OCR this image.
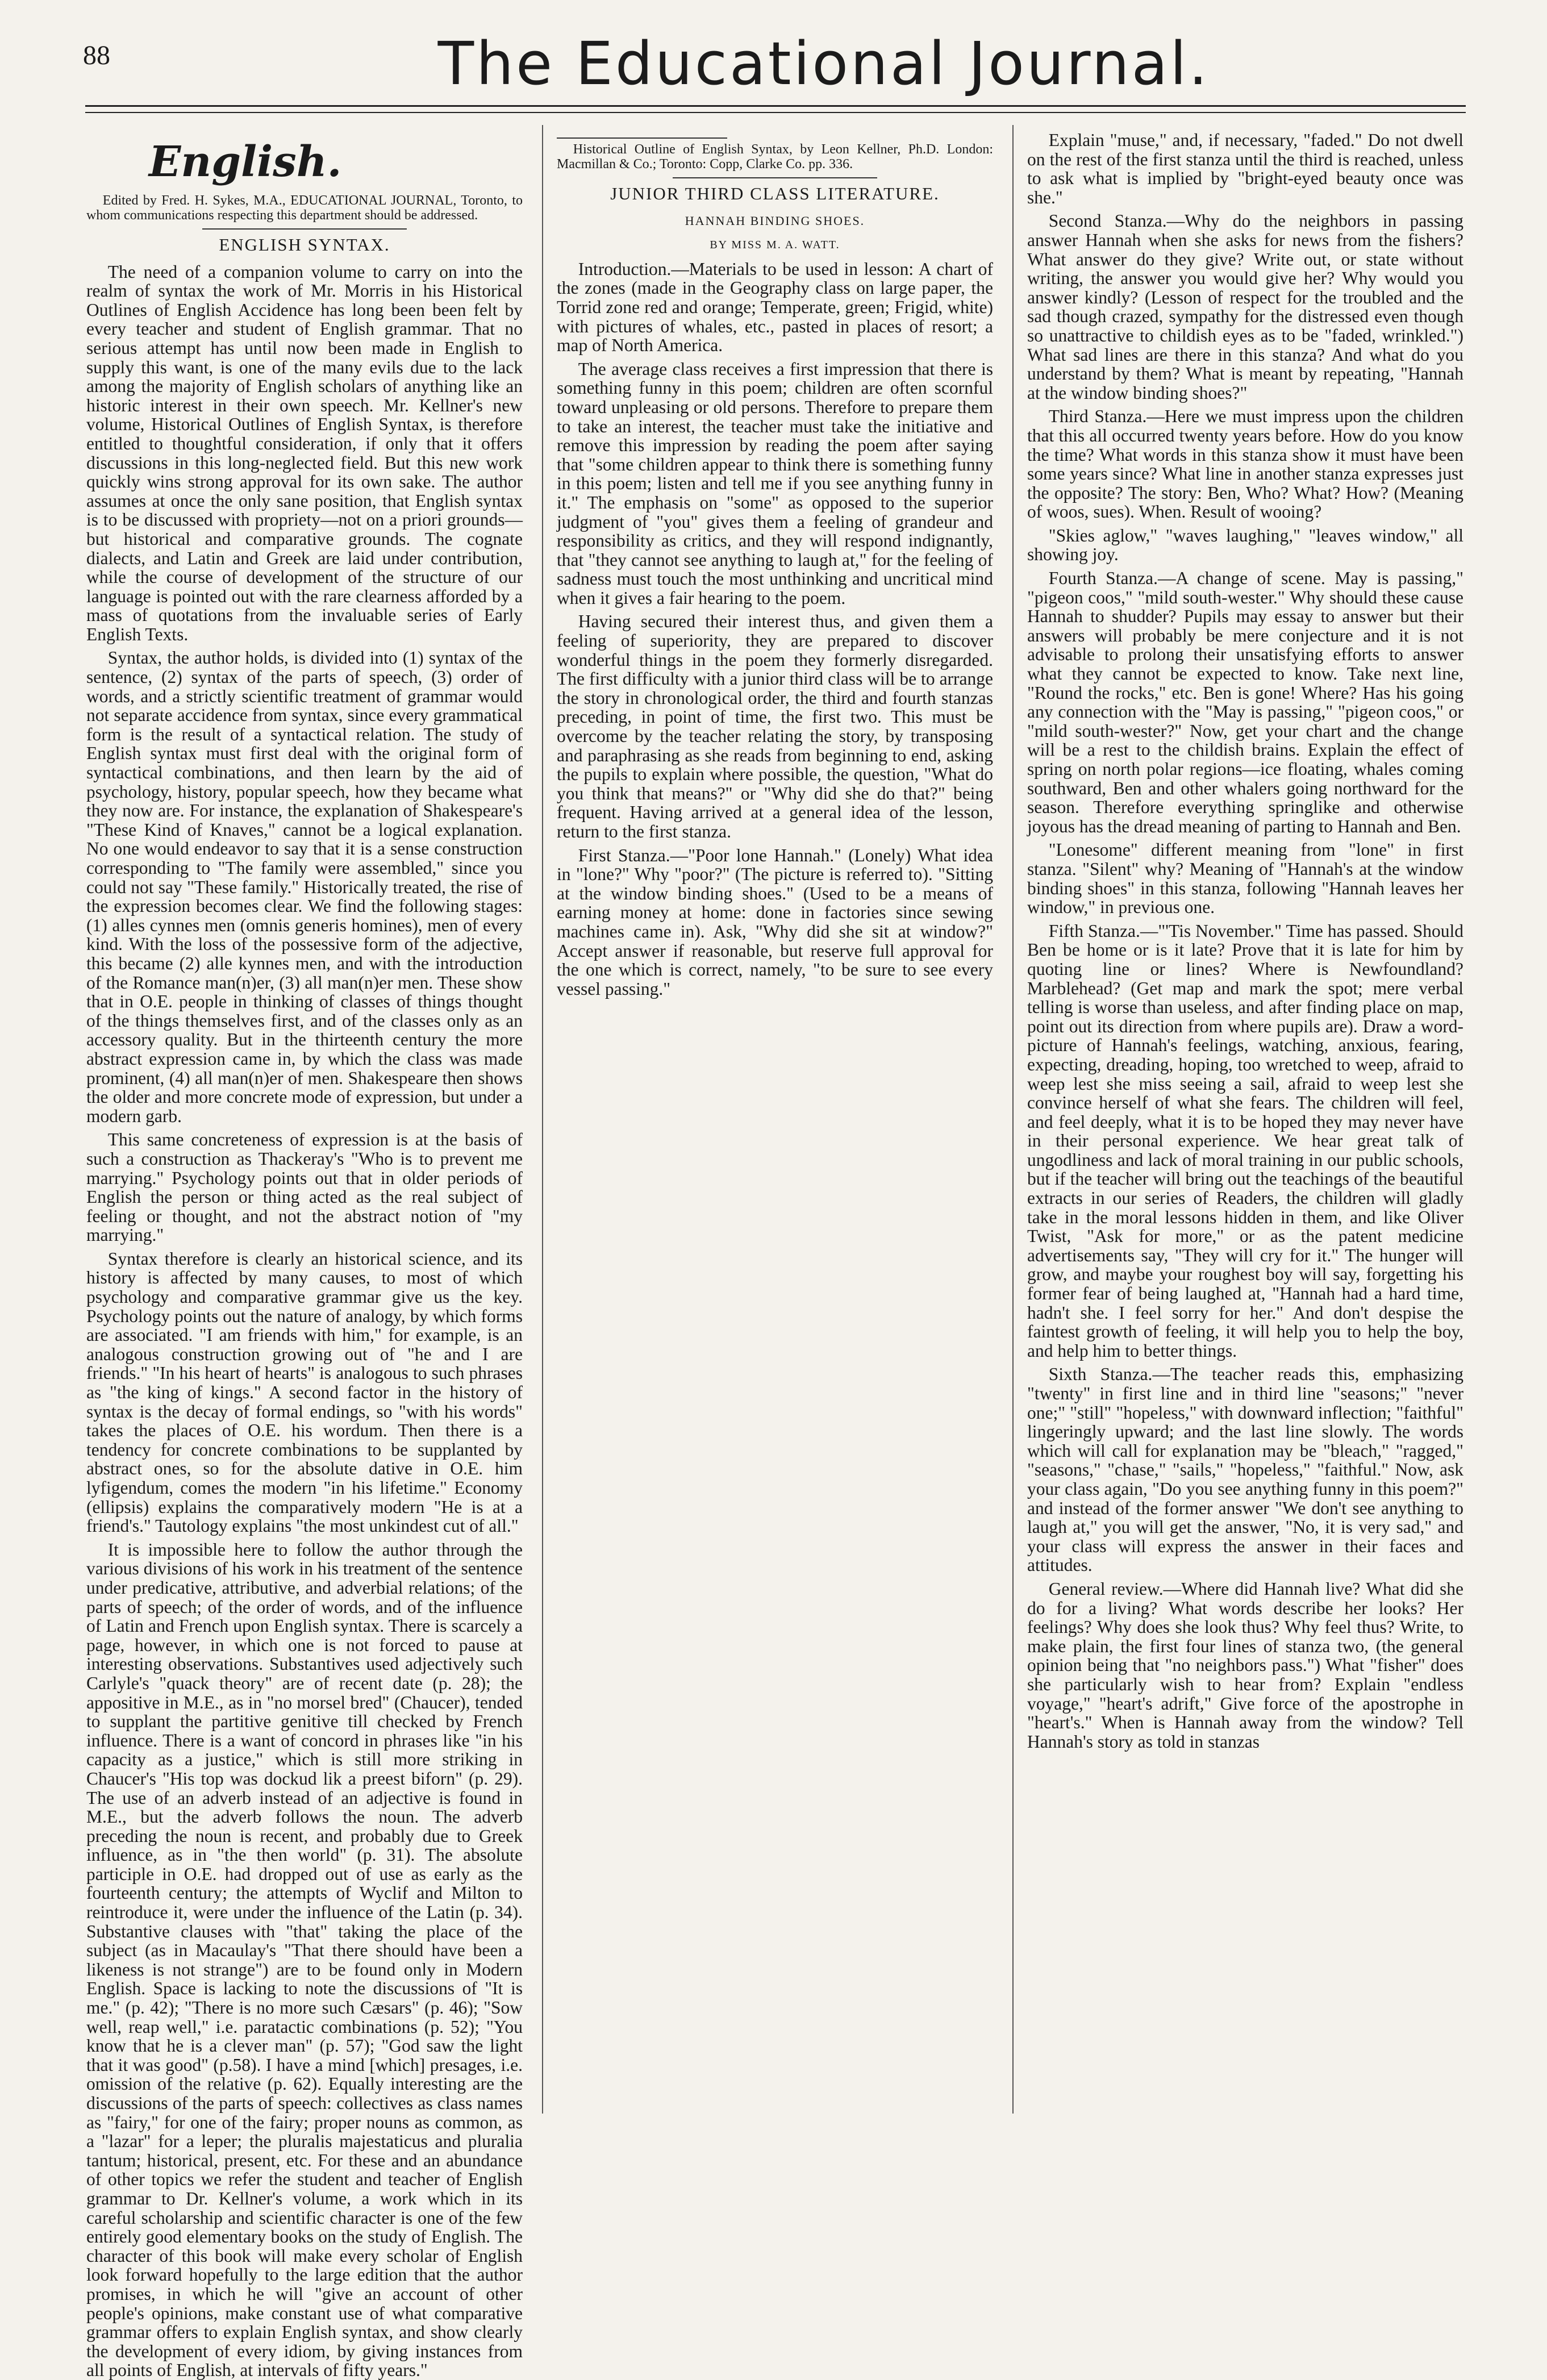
88	The Educational Journal.
English.

Edited by Fred. H. Sykes, M.A., EDUCATIONAL JOURNAL, Toronto, to whom communications respecting this department should be addressed.

ENGLISH SYNTAX.

The need of a companion volume to carry on into the realm of syntax the work of Mr. Morris in his Historical Outlines of English Accidence has long been been felt by every teacher and student of English grammar. That no serious attempt has until now been made in English to supply this want, is one of the many evils due to the lack among the majority of English scholars of anything like an historic interest in their own speech. Mr. Kellner's new volume, Historical Outlines of English Syntax, is therefore entitled to thoughtful consideration, if only that it offers discussions in this long-neglected field. But this new work quickly wins strong approval for its own sake. The author assumes at once the only sane position, that English syntax is to be discussed with propriety—not on a priori grounds—but historical and comparative grounds. The cognate dialects, and Latin and Greek are laid under contribution, while the course of development of the structure of our language is pointed out with the rare clearness afforded by a mass of quotations from the invaluable series of Early English Texts.

Syntax, the author holds, is divided into (1) syntax of the sentence, (2) syntax of the parts of speech, (3) order of words, and a strictly scientific treatment of grammar would not separate accidence from syntax, since every grammatical form is the result of a syntactical relation. The study of English syntax must first deal with the original form of syntactical combinations, and then learn by the aid of psychology, history, popular speech, how they became what they now are. For instance, the explanation of Shakespeare's "These Kind of Knaves," cannot be a logical explanation. No one would endeavor to say that it is a sense construction corresponding to "The family were assembled," since you could not say "These family." Historically treated, the rise of the expression becomes clear. We find the following stages: (1) alles cynnes men (omnis generis homines), men of every kind. With the loss of the possessive form of the adjective, this became (2) alle kynnes men, and with the introduction of the Romance man(n)er, (3) all man(n)er men. These show that in O.E. people in thinking of classes of things thought of the things themselves first, and of the classes only as an accessory quality. But in the thirteenth century the more abstract expression came in, by which the class was made prominent, (4) all man(n)er of men. Shakespeare then shows the older and more concrete mode of expression, but under a modern garb.

This same concreteness of expression is at the basis of such a construction as Thackeray's "Who is to prevent me marrying." Psychology points out that in older periods of English the person or thing acted as the real subject of feeling or thought, and not the abstract notion of "my marrying."

Syntax therefore is clearly an historical science, and its history is affected by many causes, to most of which psychology and comparative grammar give us the key. Psychology points out the nature of analogy, by which forms are associated. "I am friends with him," for example, is an analogous construction growing out of "he and I are friends." "In his heart of hearts" is analogous to such phrases as "the king of kings." A second factor in the history of syntax is the decay of formal endings, so "with his words" takes the places of O.E. his wordum. Then there is a tendency for concrete combinations to be supplanted by abstract ones, so for the absolute dative in O.E. him lyfigendum, comes the modern "in his lifetime." Economy (ellipsis) explains the comparatively modern "He is at a friend's." Tautology explains "the most unkindest cut of all."

It is impossible here to follow the author through the various divisions of his work in his treatment of the sentence under predicative, attributive, and adverbial relations; of the parts of speech; of the order of words, and of the influence of Latin and French upon English syntax. There is scarcely a page, however, in which one is not forced to pause at interesting observations. Substantives used adjectively such Carlyle's "quack theory" are of recent date (p. 28); the appositive in M.E., as in "no morsel bred" (Chaucer), tended to supplant the partitive genitive till checked by French influence. There is a want of concord in phrases like "in his capacity as a justice," which is still more striking in Chaucer's "His top was dockud lik a preest biforn" (p. 29). The use of an adverb instead of an adjective is found in M.E., but the adverb follows the noun. The adverb preceding the noun is recent, and probably due to Greek influence, as in "the then world" (p. 31). The absolute participle in O.E. had dropped out of use as early as the fourteenth century; the attempts of Wyclif and Milton to reintroduce it, were under the influence of the Latin (p. 34). Substantive clauses with "that" taking the place of the subject (as in Macaulay's "That there should have been a likeness is not strange") are to be found only in Modern English. Space is lacking to note the discussions of "It is me." (p. 42); "There is no more such Cæsars" (p. 46); "Sow well, reap well," i.e. paratactic combinations (p. 52); "You know that he is a clever man" (p. 57); "God saw the light that it was good" (p.58). I have a mind [which] presages, i.e. omission of the relative (p. 62). Equally interesting are the discussions of the parts of speech: collectives as class names as "fairy," for one of the fairy; proper nouns as common, as a "lazar" for a leper; the pluralis majestaticus and pluralia tantum; historical, present, etc. For these and an abundance of other topics we refer the student and teacher of English grammar to Dr. Kellner's volume, a work which in its careful scholarship and scientific character is one of the few entirely good elementary books on the study of English. The character of this book will make every scholar of English look forward hopefully to the large edition that the author promises, in which he will "give an account of other people's opinions, make constant use of what comparative grammar offers to explain English syntax, and show clearly the development of every idiom, by giving instances from all points of English, at intervals of fifty years."

Historical Outline of English Syntax, by Leon Kellner, Ph.D. London: Macmillan & Co.; Toronto: Copp, Clarke Co. pp. 336.

JUNIOR THIRD CLASS LITERATURE.
HANNAH BINDING SHOES.
BY MISS M. A. WATT.

Introduction.—Materials to be used in lesson: A chart of the zones (made in the Geography class on large paper, the Torrid zone red and orange; Temperate, green; Frigid, white) with pictures of whales, etc., pasted in places of resort; a map of North America.

The average class receives a first impression that there is something funny in this poem; children are often scornful toward unpleasing or old persons. Therefore to prepare them to take an interest, the teacher must take the initiative and remove this impression by reading the poem after saying that "some children appear to think there is something funny in this poem; listen and tell me if you see anything funny in it." The emphasis on "some" as opposed to the superior judgment of "you" gives them a feeling of grandeur and responsibility as critics, and they will respond indignantly, that "they cannot see anything to laugh at," for the feeling of sadness must touch the most unthinking and uncritical mind when it gives a fair hearing to the poem.

Having secured their interest thus, and given them a feeling of superiority, they are prepared to discover wonderful things in the poem they formerly disregarded. The first difficulty with a junior third class will be to arrange the story in chronological order, the third and fourth stanzas preceding, in point of time, the first two. This must be overcome by the teacher relating the story, by transposing and paraphrasing as she reads from beginning to end, asking the pupils to explain where possible, the question, "What do you think that means?" or "Why did she do that?" being frequent. Having arrived at a general idea of the lesson, return to the first stanza.

First Stanza.—"Poor lone Hannah." (Lonely) What idea in "lone?" Why "poor?" (The picture is referred to). "Sitting at the window binding shoes." (Used to be a means of earning money at home: done in factories since sewing machines came in). Ask, "Why did she sit at window?" Accept answer if reasonable, but reserve full approval for the one which is correct, namely, "to be sure to see every vessel passing."

Explain "muse," and, if necessary, "faded." Do not dwell on the rest of the first stanza until the third is reached, unless to ask what is implied by "bright-eyed beauty once was she."

Second Stanza.—Why do the neighbors in passing answer Hannah when she asks for news from the fishers? What answer do they give? Write out, or state without writing, the answer you would give her? Why would you answer kindly? (Lesson of respect for the troubled and the sad though crazed, sympathy for the distressed even though so unattractive to childish eyes as to be "faded, wrinkled.") What sad lines are there in this stanza? And what do you understand by them? What is meant by repeating, "Hannah at the window binding shoes?"

Third Stanza.—Here we must impress upon the children that this all occurred twenty years before. How do you know the time? What words in this stanza show it must have been some years since? What line in another stanza expresses just the opposite? The story: Ben, Who? What? How? (Meaning of woos, sues). When. Result of wooing?

"Skies aglow," "waves laughing," "leaves window," all showing joy.

Fourth Stanza.—A change of scene. May is passing," "pigeon coos," "mild south-wester." Why should these cause Hannah to shudder? Pupils may essay to answer but their answers will probably be mere conjecture and it is not advisable to prolong their unsatisfying efforts to answer what they cannot be expected to know. Take next line, "Round the rocks," etc. Ben is gone! Where? Has his going any connection with the "May is passing," "pigeon coos," or "mild south-wester?" Now, get your chart and the change will be a rest to the childish brains. Explain the effect of spring on north polar regions—ice floating, whales coming southward, Ben and other whalers going northward for the season. Therefore everything springlike and otherwise joyous has the dread meaning of parting to Hannah and Ben.

"Lonesome" different meaning from "lone" in first stanza. "Silent" why? Meaning of "Hannah's at the window binding shoes" in this stanza, following "Hannah leaves her window," in previous one.

Fifth Stanza.—"'Tis November." Time has passed. Should Ben be home or is it late? Prove that it is late for him by quoting line or lines? Where is Newfoundland? Marblehead? (Get map and mark the spot; mere verbal telling is worse than useless, and after finding place on map, point out its direction from where pupils are). Draw a word-picture of Hannah's feelings, watching, anxious, fearing, expecting, dreading, hoping, too wretched to weep, afraid to weep lest she miss seeing a sail, afraid to weep lest she convince herself of what she fears. The children will feel, and feel deeply, what it is to be hoped they may never have in their personal experience. We hear great talk of ungodliness and lack of moral training in our public schools, but if the teacher will bring out the teachings of the beautiful extracts in our series of Readers, the children will gladly take in the moral lessons hidden in them, and like Oliver Twist, "Ask for more," or as the patent medicine advertisements say, "They will cry for it." The hunger will grow, and maybe your roughest boy will say, forgetting his former fear of being laughed at, "Hannah had a hard time, hadn't she. I feel sorry for her." And don't despise the faintest growth of feeling, it will help you to help the boy, and help him to better things.

Sixth Stanza.—The teacher reads this, emphasizing "twenty" in first line and in third line "seasons;" "never one;" "still" "hopeless," with downward inflection; "faithful" lingeringly upward; and the last line slowly. The words which will call for explanation may be "bleach," "ragged," "seasons," "chase," "sails," "hopeless," "faithful." Now, ask your class again, "Do you see anything funny in this poem?" and instead of the former answer "We don't see anything to laugh at," you will get the answer, "No, it is very sad," and your class will express the answer in their faces and attitudes.

General review.—Where did Hannah live? What did she do for a living? What words describe her looks? Her feelings? Why does she look thus? Why feel thus? Write, to make plain, the first four lines of stanza two, (the general opinion being that "no neighbors pass.") What "fisher" does she particularly wish to hear from? Explain "endless voyage," "heart's adrift," Give force of the apostrophe in "heart's." When is Hannah away from the window? Tell Hannah's story as told in stanzas
